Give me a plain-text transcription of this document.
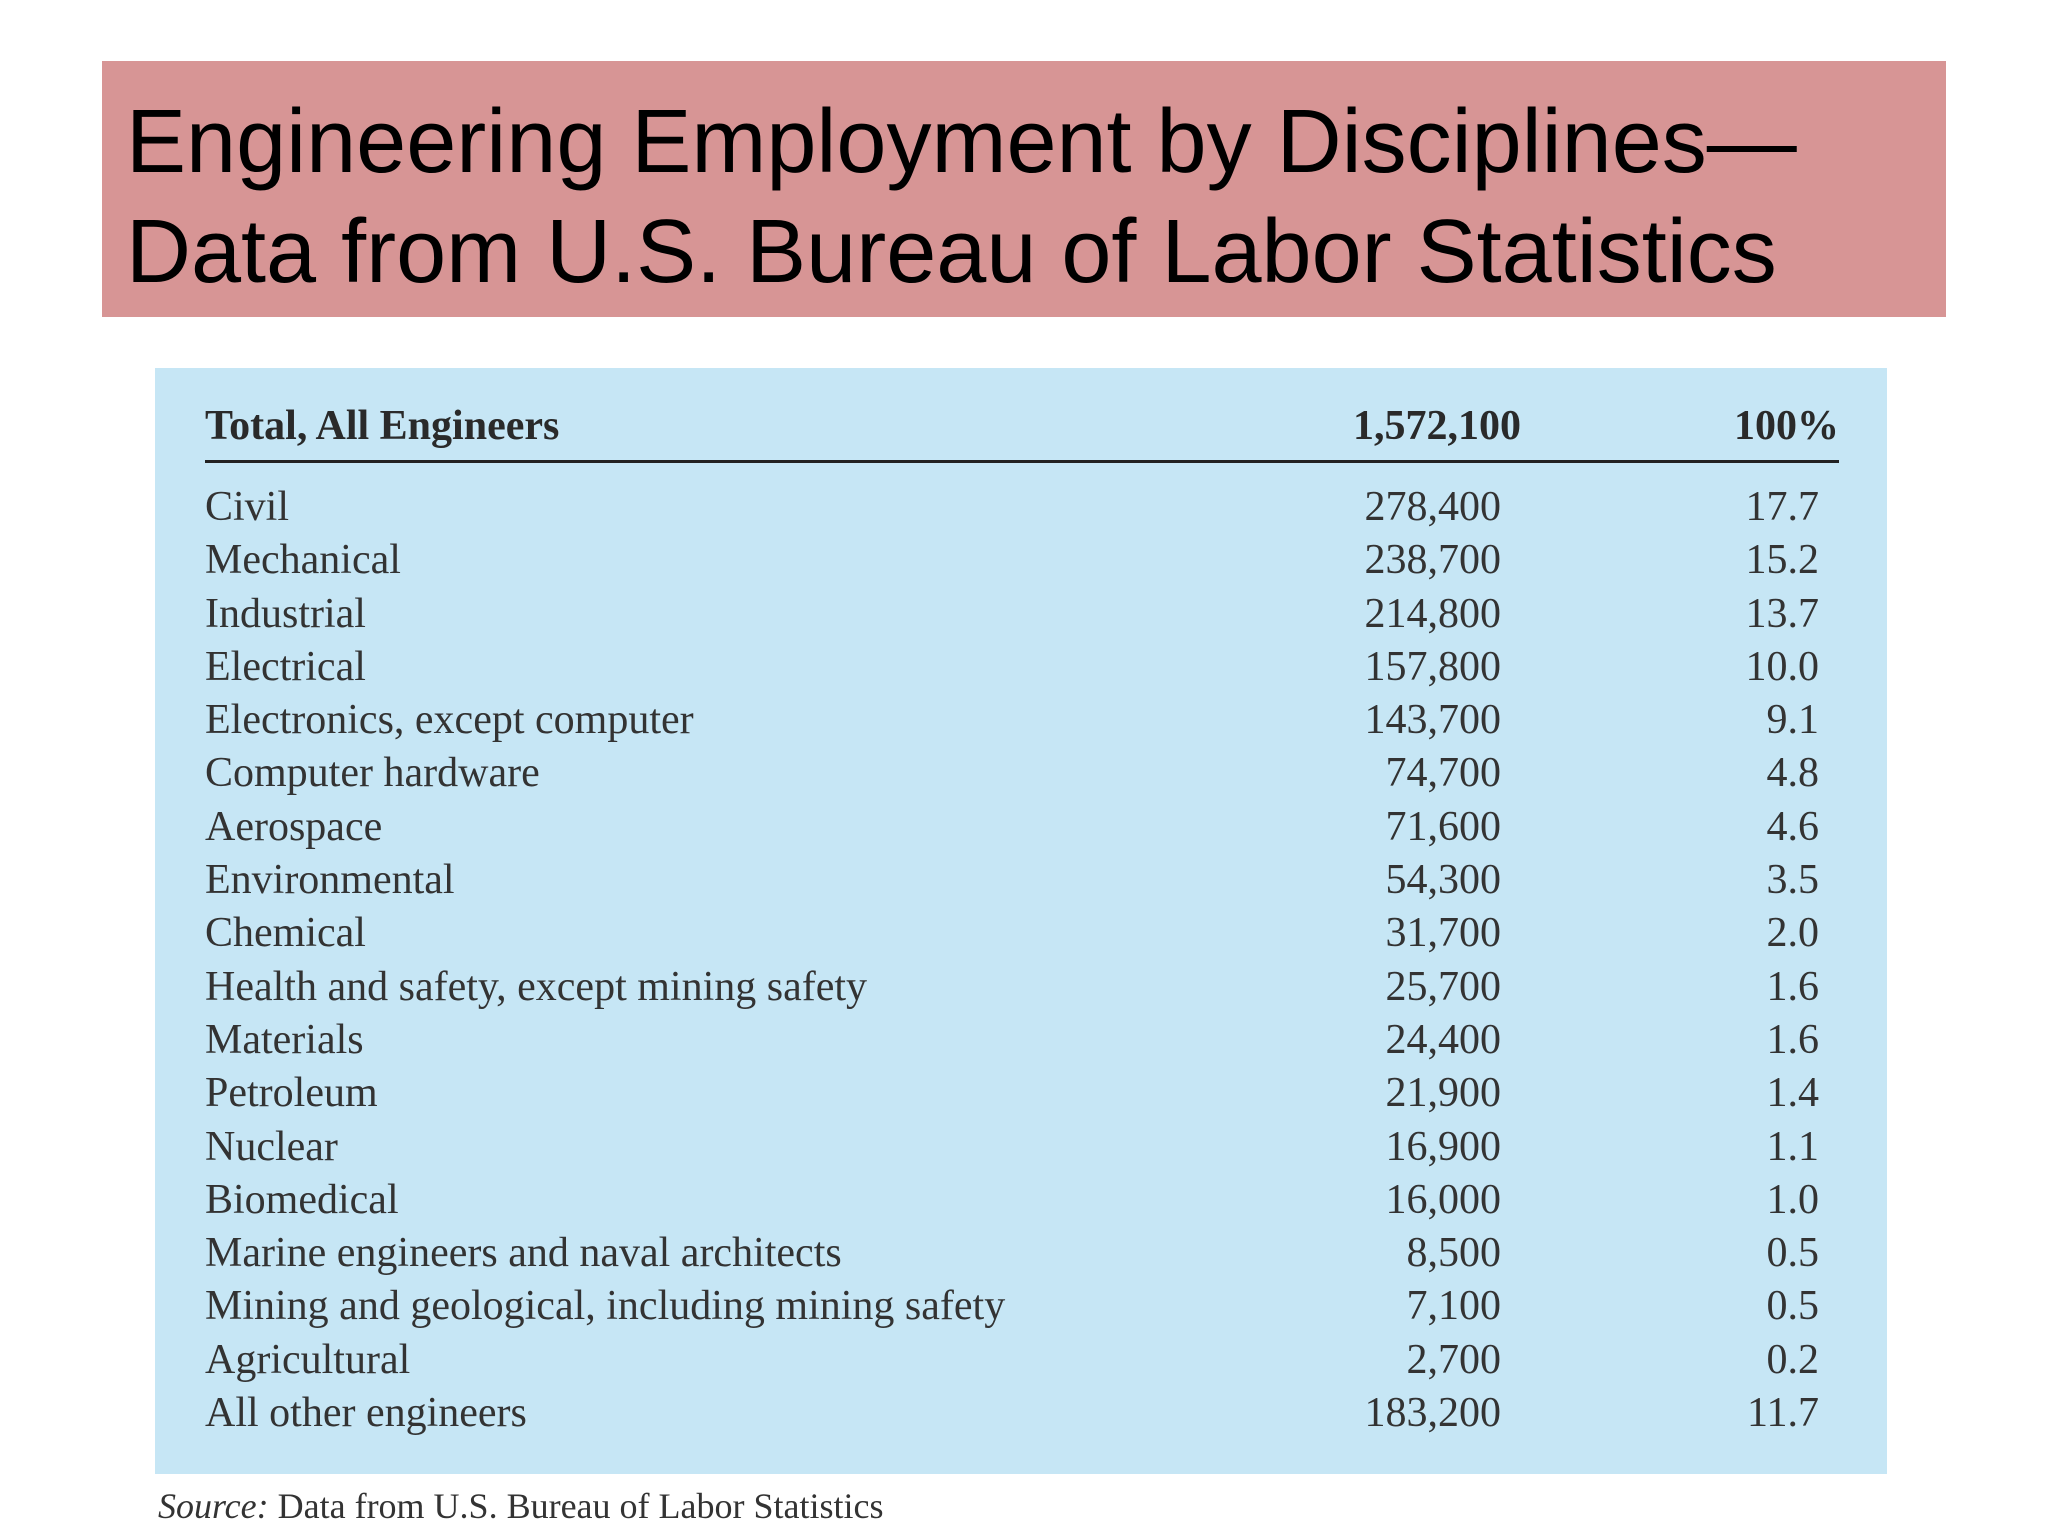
Engineering Employment by Disciplines—
Data from U.S. Bureau of Labor Statistics
Total, All Engineers	1,572,100	100%
Civil	278,400	17.7
Mechanical	238,700	15.2
Industrial	214,800	13.7
Electrical	157,800	10.0
Electronics, except computer	143,700	9.1
Computer hardware	74,700	4.8
Aerospace	71,600	4.6
Environmental	54,300	3.5
Chemical	31,700	2.0
Health and safety, except mining safety	25,700	1.6
Materials	24,400	1.6
Petroleum	21,900	1.4
Nuclear	16,900	1.1
Biomedical	16,000	1.0
Marine engineers and naval architects	8,500	0.5
Mining and geological, including mining safety	7,100	0.5
Agricultural	2,700	0.2
All other engineers	183,200	11.7
Source: Data from U.S. Bureau of Labor Statistics
